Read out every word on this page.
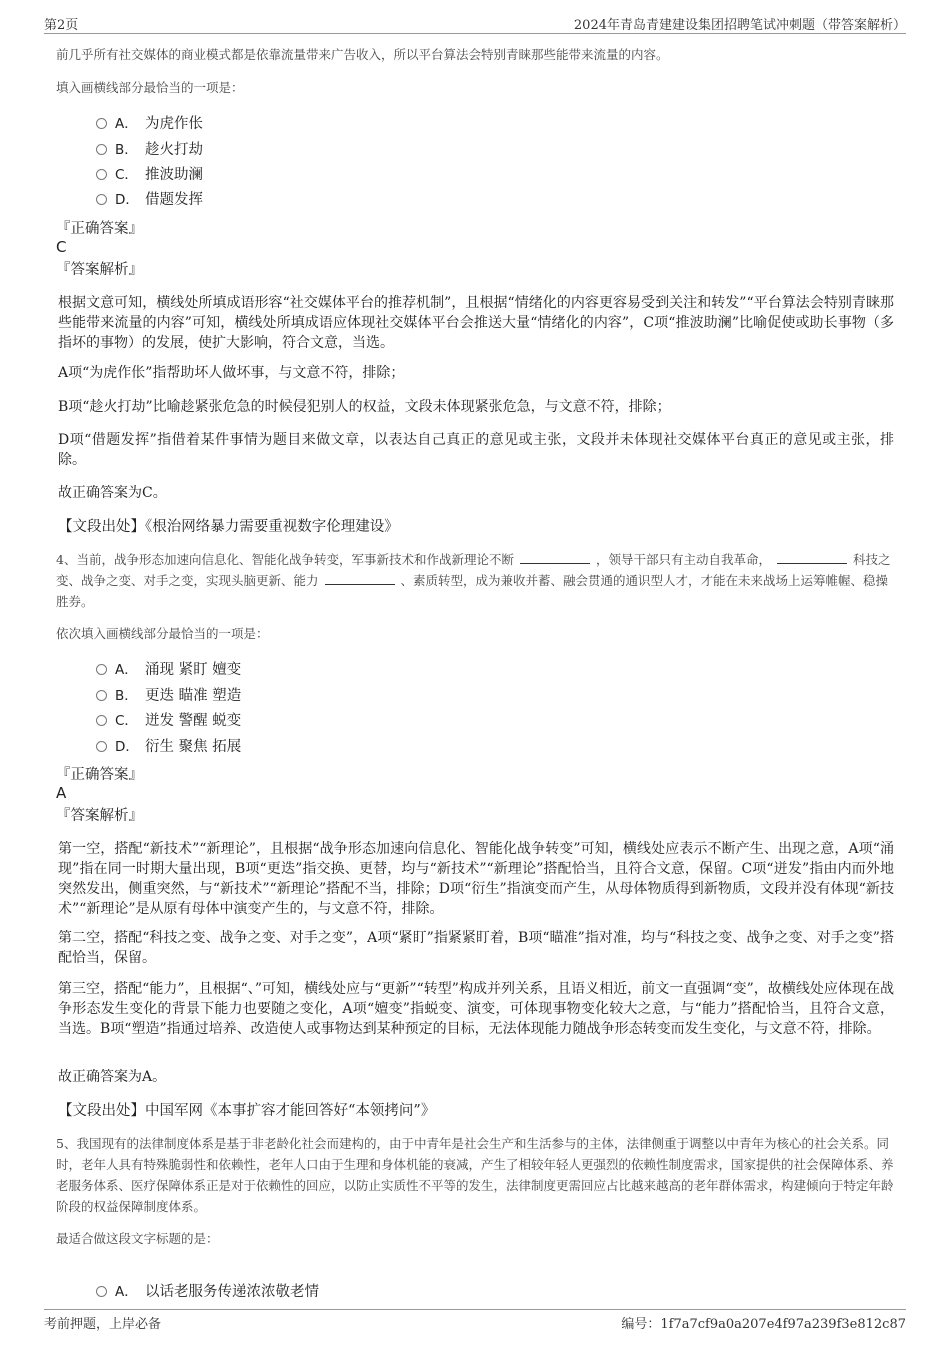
第2页	2024年青岛青建建设集团招聘笔试冲刺题（带答案解析）
前几乎所有社交媒体的商业模式都是依靠流量带来广告收入，所以平台算法会特别青睐那些能带来流量的内容。
填入画横线部分最恰当的一项是：
A． 为虎作伥
B． 趁火打劫
C． 推波助澜
D． 借题发挥
『正确答案』
C
『答案解析』
根据文意可知，横线处所填成语形容“社交媒体平台的推荐机制”，且根据“情绪化的内容更容易受到关注和转发”“平台算法会特别青睐那些能带来流量的内容”可知，横线处所填成语应体现社交媒体平台会推送大量“情绪化的内容”，C项“推波助澜”比喻促使或助长事物（多指坏的事物）的发展，使扩大影响，符合文意，当选。
A项“为虎作伥”指帮助坏人做坏事，与文意不符，排除；
B项“趁火打劫”比喻趁紧张危急的时候侵犯别人的权益，文段未体现紧张危急，与文意不符，排除；
D项“借题发挥”指借着某件事情为题目来做文章，以表达自己真正的意见或主张，文段并未体现社交媒体平台真正的意见或主张，排除。
故正确答案为C。
【文段出处】《根治网络暴力需要重视数字伦理建设》
4、当前，战争形态加速向信息化、智能化战争转变，军事新技术和作战新理论不断	，领导干部只有主动自我革命，	科技之变、战争之变、对手之变，实现头脑更新、能力	、素质转型，成为兼收并蓄、融会贯通的通识型人才，才能在未来战场上运筹帷幄、稳操胜券。
依次填入画横线部分最恰当的一项是：
A． 涌现 紧盯 嬗变
B． 更迭 瞄准 塑造
C． 迸发 警醒 蜕变
D． 衍生 聚焦 拓展
『正确答案』
A
『答案解析』
第一空，搭配“新技术”“新理论”，且根据“战争形态加速向信息化、智能化战争转变”可知，横线处应表示不断产生、出现之意，A项“涌现”指在同一时期大量出现，B项“更迭”指交换、更替，均与“新技术”“新理论”搭配恰当，且符合文意，保留。C项“迸发”指由内而外地突然发出，侧重突然，与“新技术”“新理论”搭配不当，排除；D项“衍生”指演变而产生，从母体物质得到新物质，文段并没有体现“新技术”“新理论”是从原有母体中演变产生的，与文意不符，排除。
第二空，搭配“科技之变、战争之变、对手之变”，A项“紧盯”指紧紧盯着，B项“瞄准”指对准，均与“科技之变、战争之变、对手之变”搭配恰当，保留。
第三空，搭配“能力”，且根据“、”可知，横线处应与“更新”“转型”构成并列关系，且语义相近，前文一直强调“变”，故横线处应体现在战争形态发生变化的背景下能力也要随之变化，A项“嬗变”指蜕变、演变，可体现事物变化较大之意，与“能力”搭配恰当，且符合文意，当选。B项“塑造”指通过培养、改造使人或事物达到某种预定的目标，无法体现能力随战争形态转变而发生变化，与文意不符，排除。
故正确答案为A。
【文段出处】中国军网《本事扩容才能回答好“本领拷问”》
5、我国现有的法律制度体系是基于非老龄化社会而建构的，由于中青年是社会生产和生活参与的主体，法律侧重于调整以中青年为核心的社会关系。同时，老年人具有特殊脆弱性和依赖性，老年人口由于生理和身体机能的衰减，产生了相较年轻人更强烈的依赖性制度需求，国家提供的社会保障体系、养老服务体系、医疗保障体系正是对于依赖性的回应，以防止实质性不平等的发生，法律制度更需回应占比越来越高的老年群体需求，构建倾向于特定年龄阶段的权益保障制度体系。
最适合做这段文字标题的是：
A． 以话老服务传递浓浓敬老情
考前押题，上岸必备	编号：1f7a7cf9a0a207e4f97a239f3e812c87
